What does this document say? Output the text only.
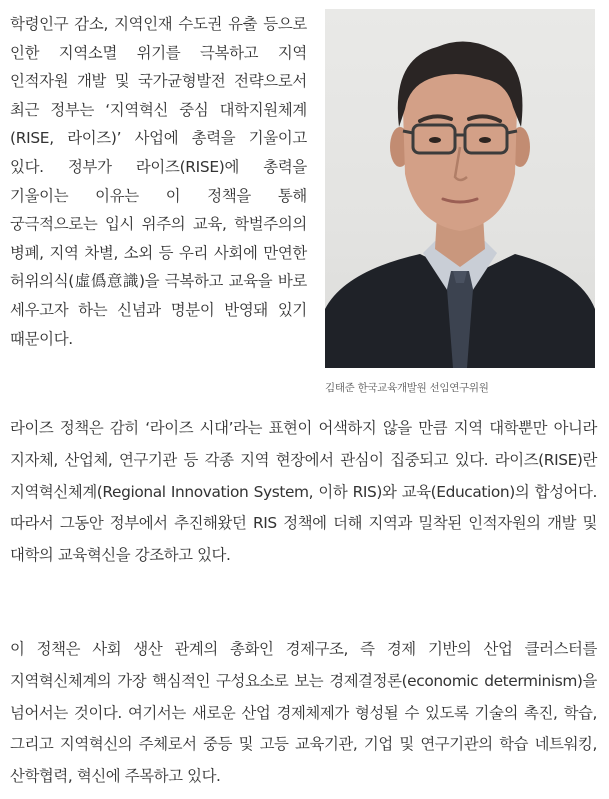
학령인구 감소, 지역인재 수도권 유출 등으로 인한 지역소멸 위기를 극복하고 지역 인적자원 개발 및 국가균형발전 전략으로서 최근 정부는 ‘지역혁신 중심 대학지원체계(RISE, 라이즈)’ 사업에 총력을 기울이고 있다. 정부가 라이즈(RISE)에 총력을 기울이는 이유는 이 정책을 통해 궁극적으로는 입시 위주의 교육, 학벌주의의 병폐, 지역 차별, 소외 등 우리 사회에 만연한 허위의식(虛僞意識)을 극복하고 교육을 바로 세우고자 하는 신념과 명분이 반영돼 있기 때문이다.

김태준 한국교육개발원 선임연구위원

라이즈 정책은 감히 ‘라이즈 시대’라는 표현이 어색하지 않을 만큼 지역 대학뿐만 아니라 지자체, 산업체, 연구기관 등 각종 지역 현장에서 관심이 집중되고 있다. 라이즈(RISE)란 지역혁신체계(Regional Innovation System, 이하 RIS)와 교육(Education)의 합성어다. 따라서 그동안 정부에서 추진해왔던 RIS 정책에 더해 지역과 밀착된 인적자원의 개발 및 대학의 교육혁신을 강조하고 있다.

이 정책은 사회 생산 관계의 총화인 경제구조, 즉 경제 기반의 산업 클러스터를 지역혁신체계의 가장 핵심적인 구성요소로 보는 경제결정론(economic determinism)을 넘어서는 것이다. 여기서는 새로운 산업 경제체제가 형성될 수 있도록 기술의 촉진, 학습, 그리고 지역혁신의 주체로서 중등 및 고등 교육기관, 기업 및 연구기관의 학습 네트워킹, 산학협력, 혁신에 주목하고 있다.
